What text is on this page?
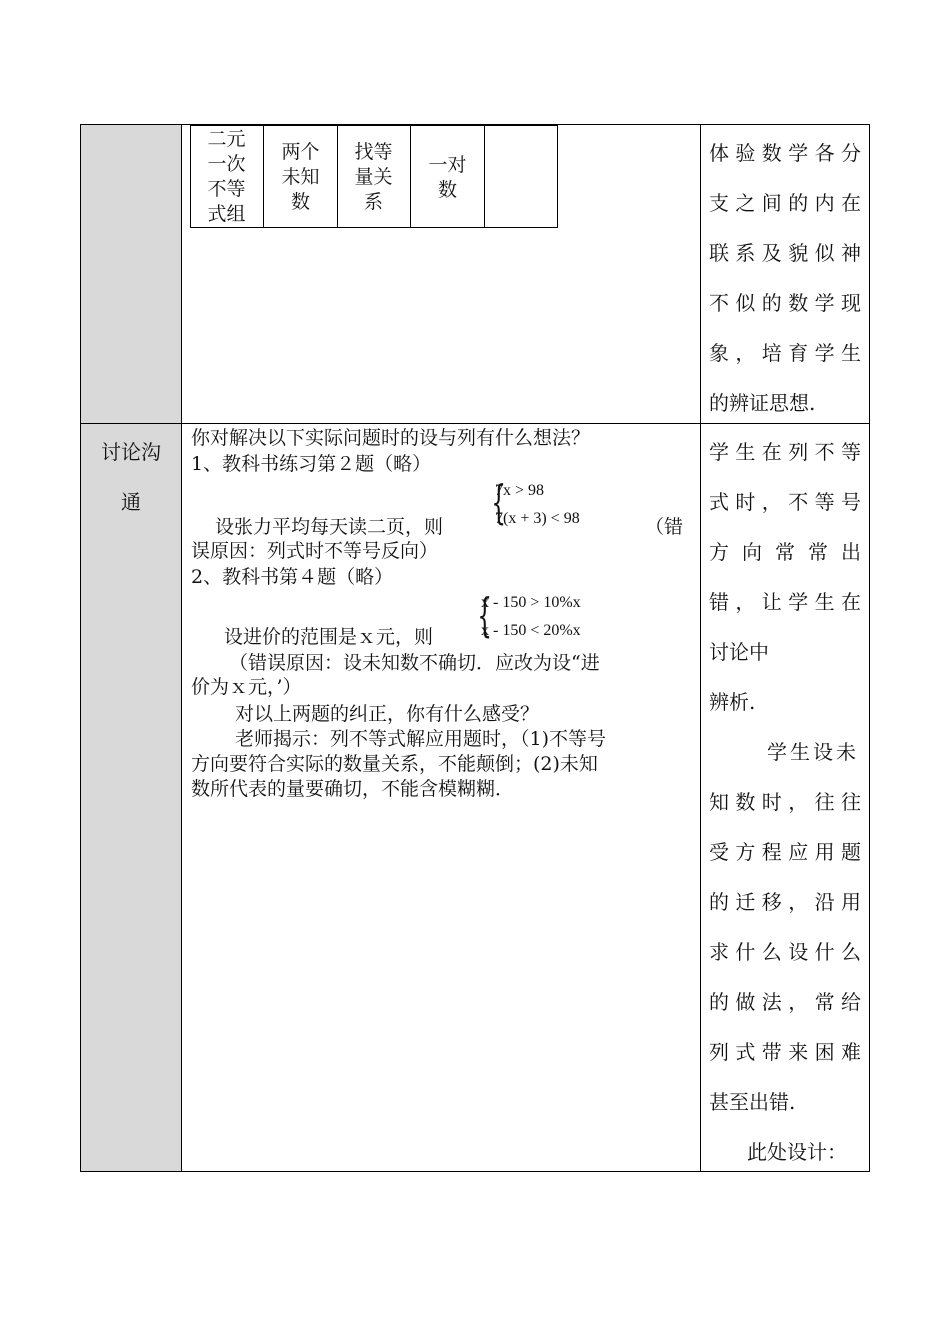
二元一次不等式组
两个未知数
找等量关系
一对数
体验数学各分
支之间的内在
联系及貌似神
不似的数学现
象，培育学生
的辨证思想.
讨论沟
通
你对解决以下实际问题时的设与列有什么想法？
1、教科书练习第２题（略）
{
7x > 98
7(x + 3) < 98
设张力平均每天读二页，则	（错
误原因：列式时不等号反向）
2、教科书第４题（略）
{
x - 150 > 10%x
x - 150 < 20%x
设进价的范围是ｘ元，则
（错误原因：设未知数不确切．应改为设“进
价为ｘ元，’）
对以上两题的纠正，你有什么感受？
老师揭示：列不等式解应用题时，（1)不等号
方向要符合实际的数量关系，不能颠倒；(2)未知
数所代表的量要确切，不能含模糊糊．
学生在列不等
式时，不等号
方向常常出
错，让学生在
讨论中
辨析.
学生设未
知数时，往往
受方程应用题
的迁移，沿用
求什么设什么
的做法，常给
列式带来困难
甚至出错.
此处设计：
